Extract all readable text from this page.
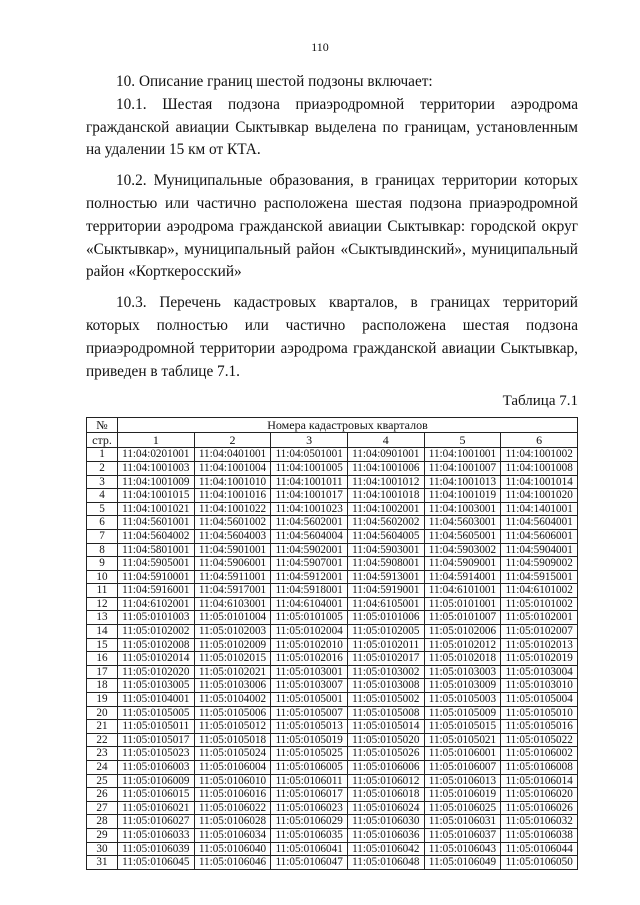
110

10. Описание границ шестой подзоны включает:

10.1. Шестая подзона приаэродромной территории аэродрома гражданской авиации Сыктывкар выделена по границам, установленным на удалении 15 км от КТА.

10.2. Муниципальные образования, в границах территории которых полностью или частично расположена шестая подзона приаэродромной территории аэродрома гражданской авиации Сыктывкар: городской округ «Сыктывкар», муниципальный район «Сыктывдинский», муниципальный район «Корткеросский»

10.3. Перечень кадастровых кварталов, в границах территорий которых полностью или частично расположена шестая подзона приаэродромной территории аэродрома гражданской авиации Сыктывкар, приведен в таблице 7.1.

Таблица 7.1
№	Номера кадастровых кварталов					
стр.	1	2	3	4	5	6
1	11:04:0201001	11:04:0401001	11:04:0501001	11:04:0901001	11:04:1001001	11:04:1001002
2	11:04:1001003	11:04:1001004	11:04:1001005	11:04:1001006	11:04:1001007	11:04:1001008
3	11:04:1001009	11:04:1001010	11:04:1001011	11:04:1001012	11:04:1001013	11:04:1001014
4	11:04:1001015	11:04:1001016	11:04:1001017	11:04:1001018	11:04:1001019	11:04:1001020
5	11:04:1001021	11:04:1001022	11:04:1001023	11:04:1002001	11:04:1003001	11:04:1401001
6	11:04:5601001	11:04:5601002	11:04:5602001	11:04:5602002	11:04:5603001	11:04:5604001
7	11:04:5604002	11:04:5604003	11:04:5604004	11:04:5604005	11:04:5605001	11:04:5606001
8	11:04:5801001	11:04:5901001	11:04:5902001	11:04:5903001	11:04:5903002	11:04:5904001
9	11:04:5905001	11:04:5906001	11:04:5907001	11:04:5908001	11:04:5909001	11:04:5909002
10	11:04:5910001	11:04:5911001	11:04:5912001	11:04:5913001	11:04:5914001	11:04:5915001
11	11:04:5916001	11:04:5917001	11:04:5918001	11:04:5919001	11:04:6101001	11:04:6101002
12	11:04:6102001	11:04:6103001	11:04:6104001	11:04:6105001	11:05:0101001	11:05:0101002
13	11:05:0101003	11:05:0101004	11:05:0101005	11:05:0101006	11:05:0101007	11:05:0102001
14	11:05:0102002	11:05:0102003	11:05:0102004	11:05:0102005	11:05:0102006	11:05:0102007
15	11:05:0102008	11:05:0102009	11:05:0102010	11:05:0102011	11:05:0102012	11:05:0102013
16	11:05:0102014	11:05:0102015	11:05:0102016	11:05:0102017	11:05:0102018	11:05:0102019
17	11:05:0102020	11:05:0102021	11:05:0103001	11:05:0103002	11:05:0103003	11:05:0103004
18	11:05:0103005	11:05:0103006	11:05:0103007	11:05:0103008	11:05:0103009	11:05:0103010
19	11:05:0104001	11:05:0104002	11:05:0105001	11:05:0105002	11:05:0105003	11:05:0105004
20	11:05:0105005	11:05:0105006	11:05:0105007	11:05:0105008	11:05:0105009	11:05:0105010
21	11:05:0105011	11:05:0105012	11:05:0105013	11:05:0105014	11:05:0105015	11:05:0105016
22	11:05:0105017	11:05:0105018	11:05:0105019	11:05:0105020	11:05:0105021	11:05:0105022
23	11:05:0105023	11:05:0105024	11:05:0105025	11:05:0105026	11:05:0106001	11:05:0106002
24	11:05:0106003	11:05:0106004	11:05:0106005	11:05:0106006	11:05:0106007	11:05:0106008
25	11:05:0106009	11:05:0106010	11:05:0106011	11:05:0106012	11:05:0106013	11:05:0106014
26	11:05:0106015	11:05:0106016	11:05:0106017	11:05:0106018	11:05:0106019	11:05:0106020
27	11:05:0106021	11:05:0106022	11:05:0106023	11:05:0106024	11:05:0106025	11:05:0106026
28	11:05:0106027	11:05:0106028	11:05:0106029	11:05:0106030	11:05:0106031	11:05:0106032
29	11:05:0106033	11:05:0106034	11:05:0106035	11:05:0106036	11:05:0106037	11:05:0106038
30	11:05:0106039	11:05:0106040	11:05:0106041	11:05:0106042	11:05:0106043	11:05:0106044
31	11:05:0106045	11:05:0106046	11:05:0106047	11:05:0106048	11:05:0106049	11:05:0106050
